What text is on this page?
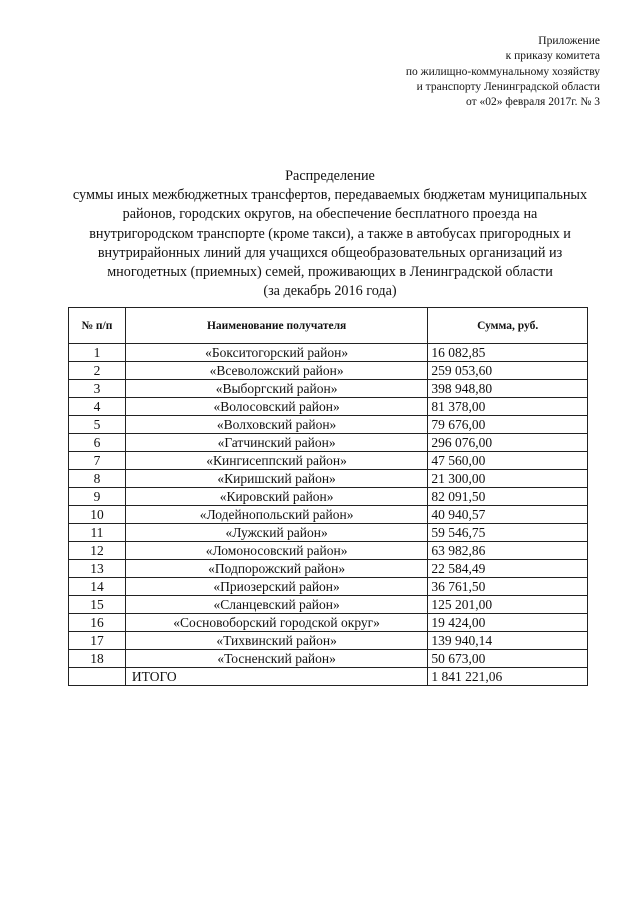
Приложение
к приказу комитета
по жилищно-коммунальному хозяйству
и транспорту Ленинградской области
от «02» февраля 2017г. № 3
Распределение
суммы иных межбюджетных трансфертов, передаваемых бюджетам муниципальных
районов, городских округов, на обеспечение бесплатного проезда на
внутригородском транспорте (кроме такси), а также в автобусах пригородных и
внутрирайонных линий для учащихся общеобразовательных организаций из
многодетных (приемных) семей, проживающих в Ленинградской области
(за декабрь 2016 года)
№ п/п	Наименование получателя	Сумма, руб.
1	«Бокситогорский район»	16 082,85
2	«Всеволожский район»	259 053,60
3	«Выборгский район»	398 948,80
4	«Волосовский район»	81 378,00
5	«Волховский район»	79 676,00
6	«Гатчинский район»	296 076,00
7	«Кингисеппский район»	47 560,00
8	«Киришский район»	21 300,00
9	«Кировский район»	82 091,50
10	«Лодейнопольский район»	40 940,57
11	«Лужский район»	59 546,75
12	«Ломоносовский район»	63 982,86
13	«Подпорожский район»	22 584,49
14	«Приозерский район»	36 761,50
15	«Сланцевский район»	125 201,00
16	«Сосновоборский городской округ»	19 424,00
17	«Тихвинский район»	139 940,14
18	«Тосненский район»	50 673,00
	ИТОГО	1 841 221,06
